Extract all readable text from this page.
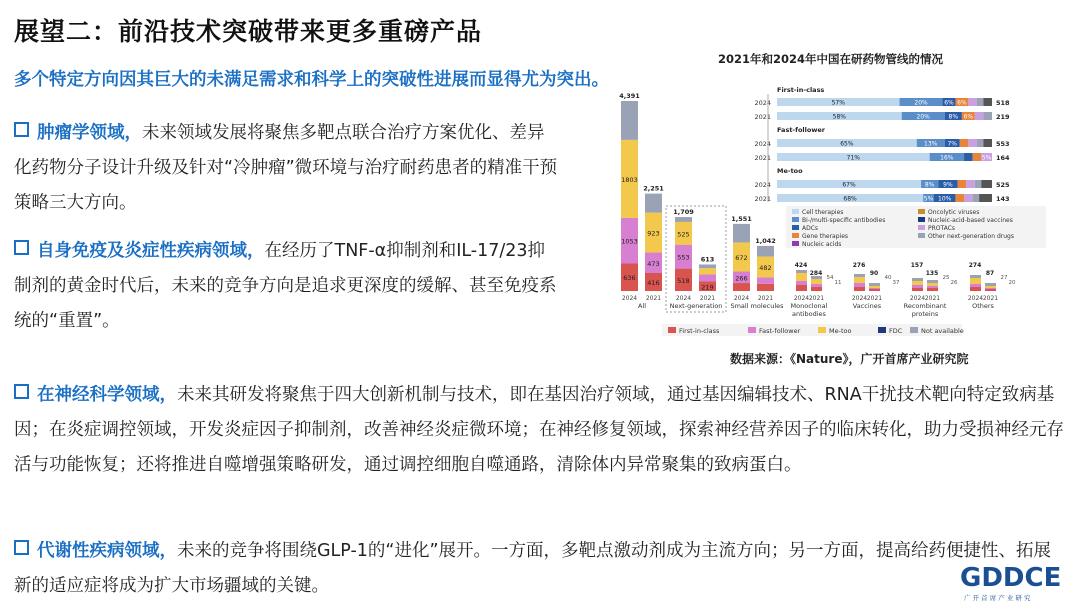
展望二：前沿技术突破带来更多重磅产品
多个特定方向因其巨大的未满足需求和科学上的突破性进展而显得尤为突出。
肿瘤学领域，未来领域发展将聚焦多靶点联合治疗方案优化、差异化药物分子设计升级及针对“冷肿瘤”微环境与治疗耐药患者的精准干预策略三大方向。
自身免疫及炎症性疾病领域，在经历了TNF-α抑制剂和IL-17/23抑制剂的黄金时代后，未来的竞争方向是追求更深度的缓解、甚至免疫系统的“重置”。
在神经科学领域，未来其研发将聚焦于四大创新机制与技术，即在基因治疗领域，通过基因编辑技术、RNA干扰技术靶向特定致病基因；在炎症调控领域，开发炎症因子抑制剂，改善神经炎症微环境；在神经修复领域，探索神经营养因子的临床转化，助力受损神经元存活与功能恢复；还将推进自噬增强策略研发，通过调控细胞自噬通路，清除体内异常聚集的致病蛋白。
代谢性疾病领域，未来的竞争将围绕GLP-1的“进化”展开。一方面，多靶点激动剂成为主流方向；另一方面，提高给药便捷性、拓展新的适应症将成为扩大市场疆域的关键。
2021年和2024年中国在研药物管线的情况
数据来源：《Nature》，广开首席产业研究院
636
1053
1803
4,391
2024
416
473
923
2,251
2021
518
553
525
1,709
2024
219
613
2021
266
672
1,551
2024
482
1,042
2021
All	Next-generation Small molecules
2024 2021
424
284
54
11
Monoclonal
antibodies
2024 2021
276
90
40
37
Vaccines
2024 2021
157
135
25
26
Recombinant
proteins
2024 2021
274
87
27
20
Others
First-in-class	Fast-follower	Me-too	FDC	Not available
First-in-class
2024	57%	20%	6% 6%	518
2021	58%	20%	8% 6%	219
Fast-follower
2024	65%	13% 7%	553
2021	71%	16%	5% 164
Me-too
2024	67%	8% 9%	525
2021	68%	5% 10%	143
Cell therapies
Bi-/multi-specific antibodies
ADCs
Gene therapies
Nucleic acids
Oncolytic viruses
Nucleic-acid-based vaccines
PROTACs
Other next-generation drugs
GDDCE
广 开 首 席 产 业 研 究
